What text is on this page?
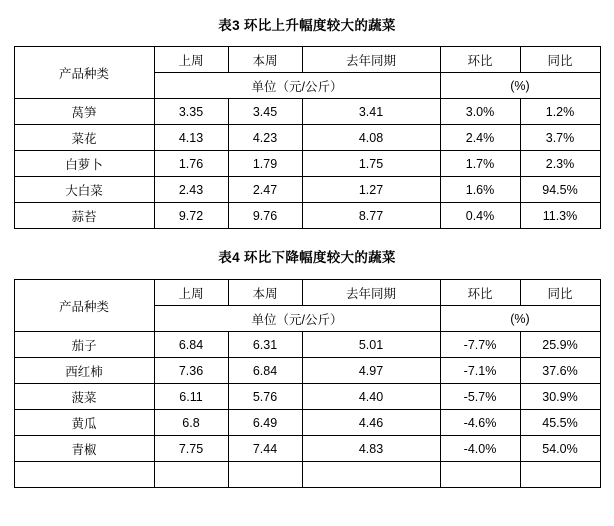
表3 环比上升幅度较大的蔬菜
产品种类	上周	本周	去年同期	环比	同比
	单位（元/公斤）			(%)	
莴笋	3.35	3.45	3.41	3.0%	1.2%
菜花	4.13	4.23	4.08	2.4%	3.7%
白萝卜	1.76	1.79	1.75	1.7%	2.3%
大白菜	2.43	2.47	1.27	1.6%	94.5%
蒜苔	9.72	9.76	8.77	0.4%	11.3%
表4 环比下降幅度较大的蔬菜
产品种类	上周	本周	去年同期	环比	同比
	单位（元/公斤）			(%)	
茄子	6.84	6.31	5.01	-7.7%	25.9%
西红柿	7.36	6.84	4.97	-7.1%	37.6%
菠菜	6.11	5.76	4.40	-5.7%	30.9%
黄瓜	6.8	6.49	4.46	-4.6%	45.5%
青椒	7.75	7.44	4.83	-4.0%	54.0%
